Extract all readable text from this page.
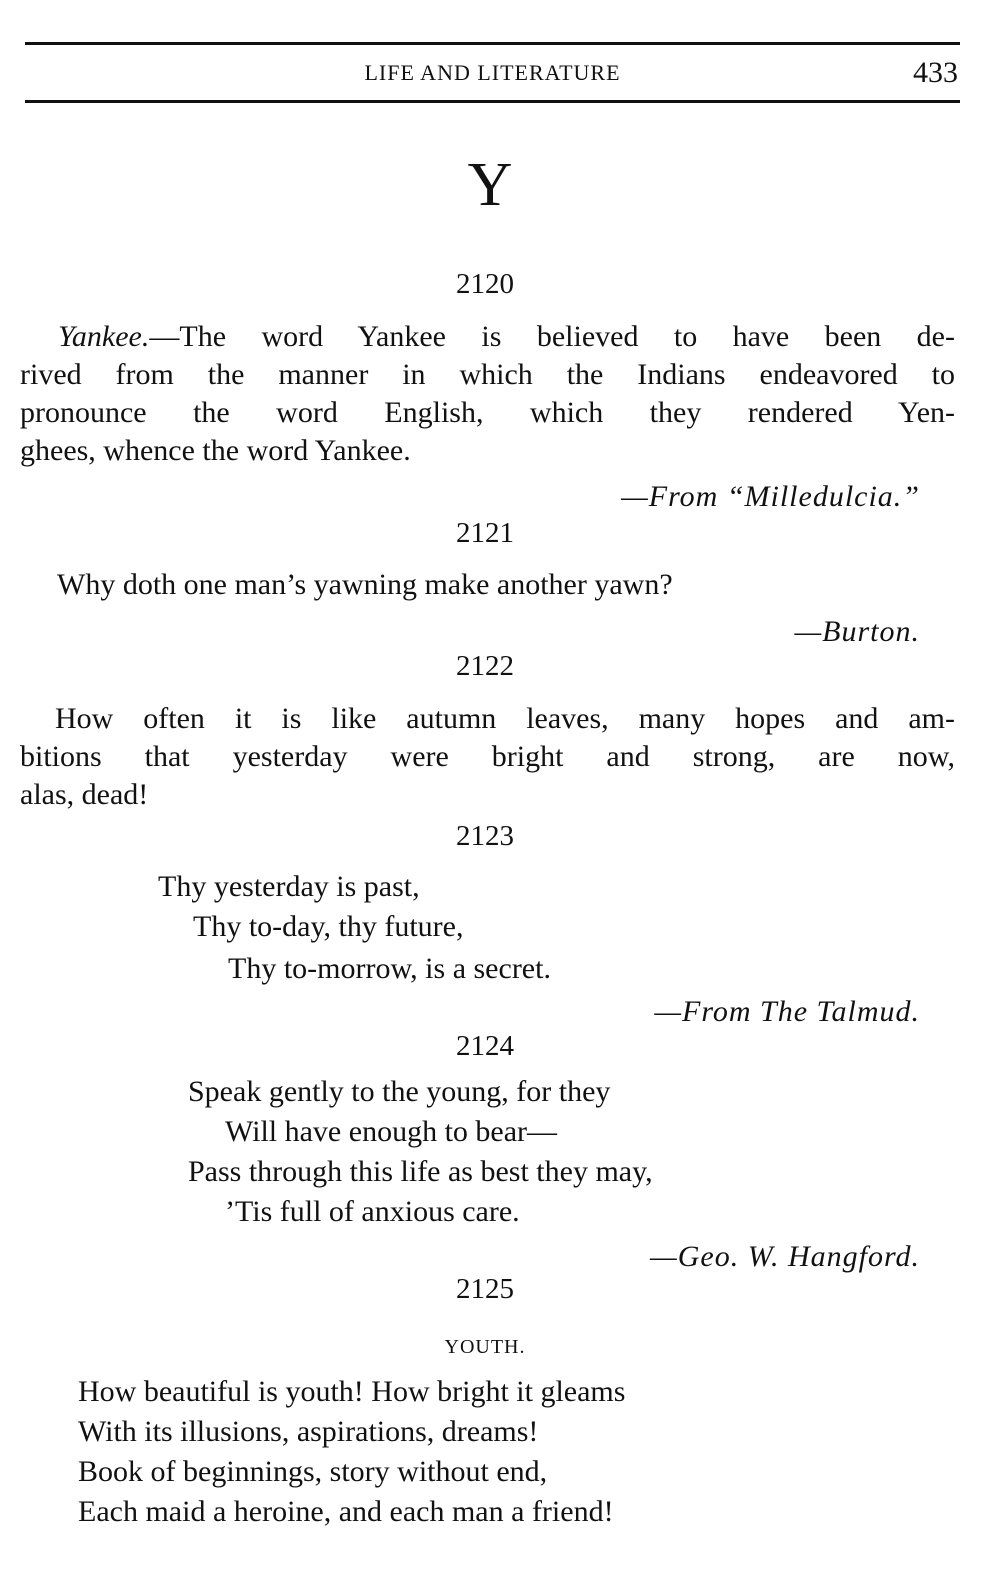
LIFE AND LITERATURE	433
Y
2120
Yankee.—The word Yankee is believed to have been de-
rived from the manner in which the Indians endeavored to
pronounce the word English, which they rendered Yen-
ghees, whence the word Yankee.
—From “Milledulcia.”
2121
Why doth one man’s yawning make another yawn?
—Burton.
2122
How often it is like autumn leaves, many hopes and am-
bitions that yesterday were bright and strong, are now,
alas, dead!
2123
Thy yesterday is past,
Thy to-day, thy future,
Thy to-morrow, is a secret.
—From The Talmud.
2124
Speak gently to the young, for they
Will have enough to bear—
Pass through this life as best they may,
’Tis full of anxious care.
—Geo. W. Hangford.
2125
YOUTH.
How beautiful is youth! How bright it gleams
With its illusions, aspirations, dreams!
Book of beginnings, story without end,
Each maid a heroine, and each man a friend!
